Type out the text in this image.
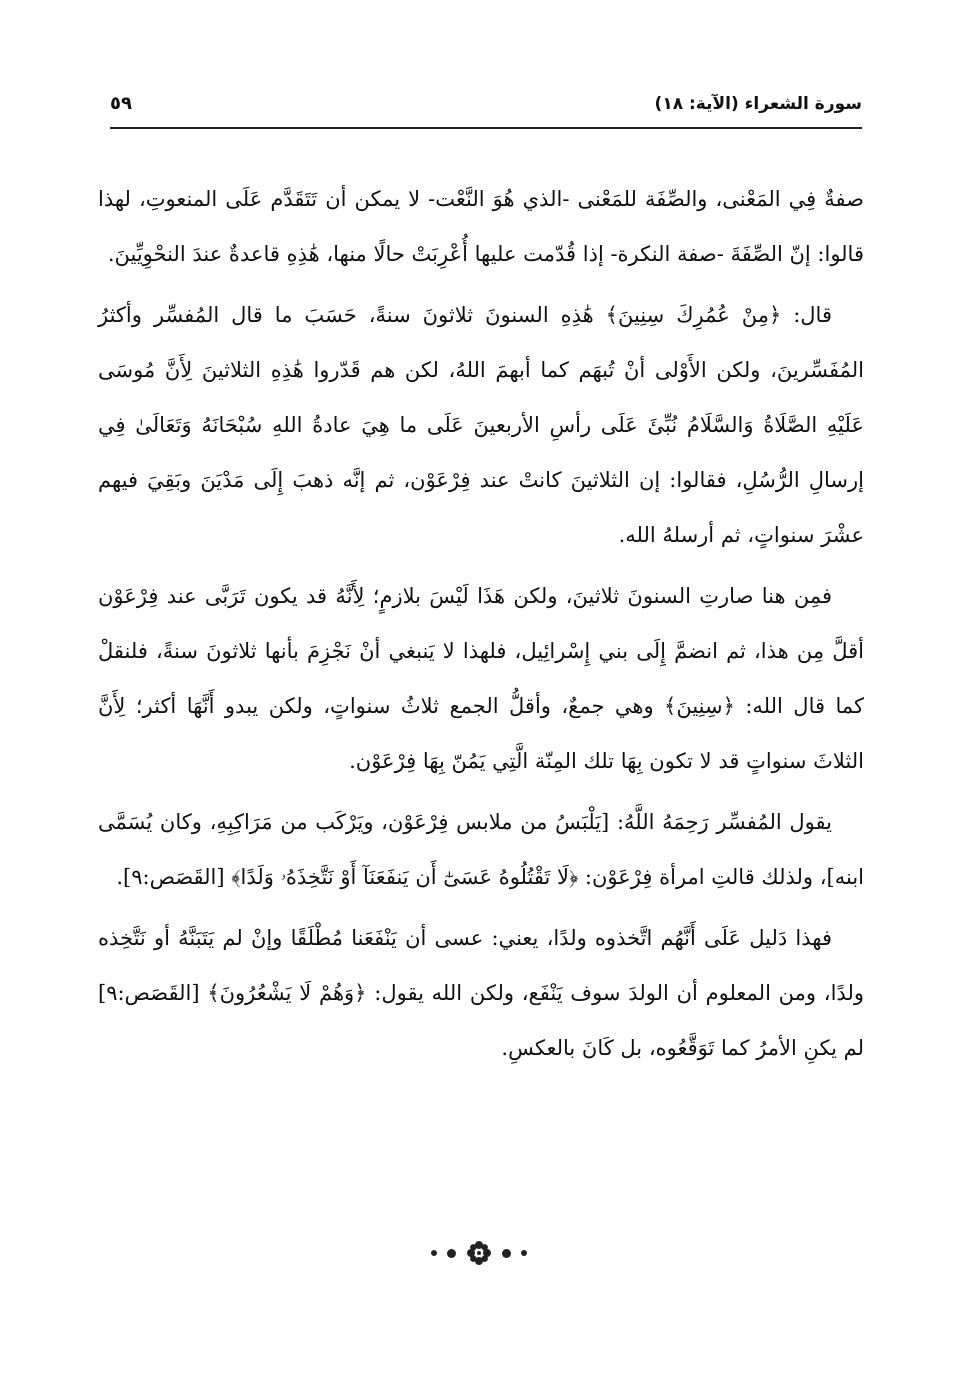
سورة الشعراء (الآية: ١٨)
٥٩

صفةٌ فِي المَعْنى، والصِّفَة للمَعْنى -الذي هُوَ النَّعْت- لا يمكن أن تَتَقَدَّم عَلَى المنعوتِ، لهذا قالوا: إنّ الصِّفَةَ -صفة النكرة- إذا قُدّمت عليها أُعْرِبَتْ حالًا منها، هَٰذِهِ قاعدةٌ عندَ النحْوِيِّينَ.

قال: ﴿مِنْ عُمُرِكَ سِنِينَ﴾ هَٰذِهِ السنونَ ثلاثونَ سنةً، حَسَبَ ما قال المُفسِّر وأكثرُ المُفَسِّرينَ، ولكن الأَوْلى أنْ تُبهَم كما أبهمَ اللهُ، لكن هم قَدّروا هَٰذِهِ الثلاثينَ لِأَنَّ مُوسَى عَلَيْهِ الصَّلَاةُ وَالسَّلَامُ نُبِّئَ عَلَى رأسِ الأربعينَ عَلَى ما هِيَ عادةُ اللهِ سُبْحَانَهُ وَتَعَالَىٰ فِي إرسالِ الرُّسُلِ، فقالوا: إن الثلاثينَ كانتْ عند فِرْعَوْن، ثم إنَّه ذهبَ إِلَى مَدْيَنَ وبَقِيَ فيهم عشْرَ سنواتٍ، ثم أرسلهُ الله.

فمِن هنا صارتِ السنونَ ثلاثينَ، ولكن هَذَا لَيْسَ بلازمٍ؛ لِأَنَّهُ قد يكون تَرَبَّى عند فِرْعَوْن أقلَّ مِن هذا، ثم انضمَّ إِلَى بني إِسْرائِيل، فلهذا لا يَنبغي أنْ نَجْزِمَ بأنها ثلاثونَ سنةً، فلنقلْ كما قال الله: ﴿سِنِينَ﴾ وهي جمعٌ، وأقلُّ الجمع ثلاثُ سنواتٍ، ولكن يبدو أَنَّهَا أكثر؛ لِأَنَّ الثلاثَ سنواتٍ قد لا تكون بِهَا تلك المِنّة الَّتِي يَمُنّ بِهَا فِرْعَوْن.

يقول المُفسِّر رَحِمَهُ اللَّهُ: [يَلْبَسُ من ملابس فِرْعَوْن، ويَرْكَب من مَرَاكِبِهِ، وكان يُسَمَّى ابنه]، ولذلك قالتِ امرأة فِرْعَوْن: ﴿لَا تَقْتُلُوهُ عَسَىٰٓ أَن يَنفَعَنَآ أَوْ نَتَّخِذَهُۥ وَلَدًا﴾ [القَصَص:٩].

فهذا دَليل عَلَى أَنَّهُم اتَّخذوه ولدًا، يعني: عسى أن يَنْفَعَنا مُطْلَقًا وإنْ لم يَتَبَنَّهُ أو نَتَّخِذه ولدًا، ومن المعلوم أن الولدَ سوف يَنْفَع، ولكن الله يقول: ﴿وَهُمْ لَا يَشْعُرُونَ﴾ [القَصَص:٩] لم يكنِ الأمرُ كما تَوَقَّعُوه، بل كَانَ بالعكسِ.
